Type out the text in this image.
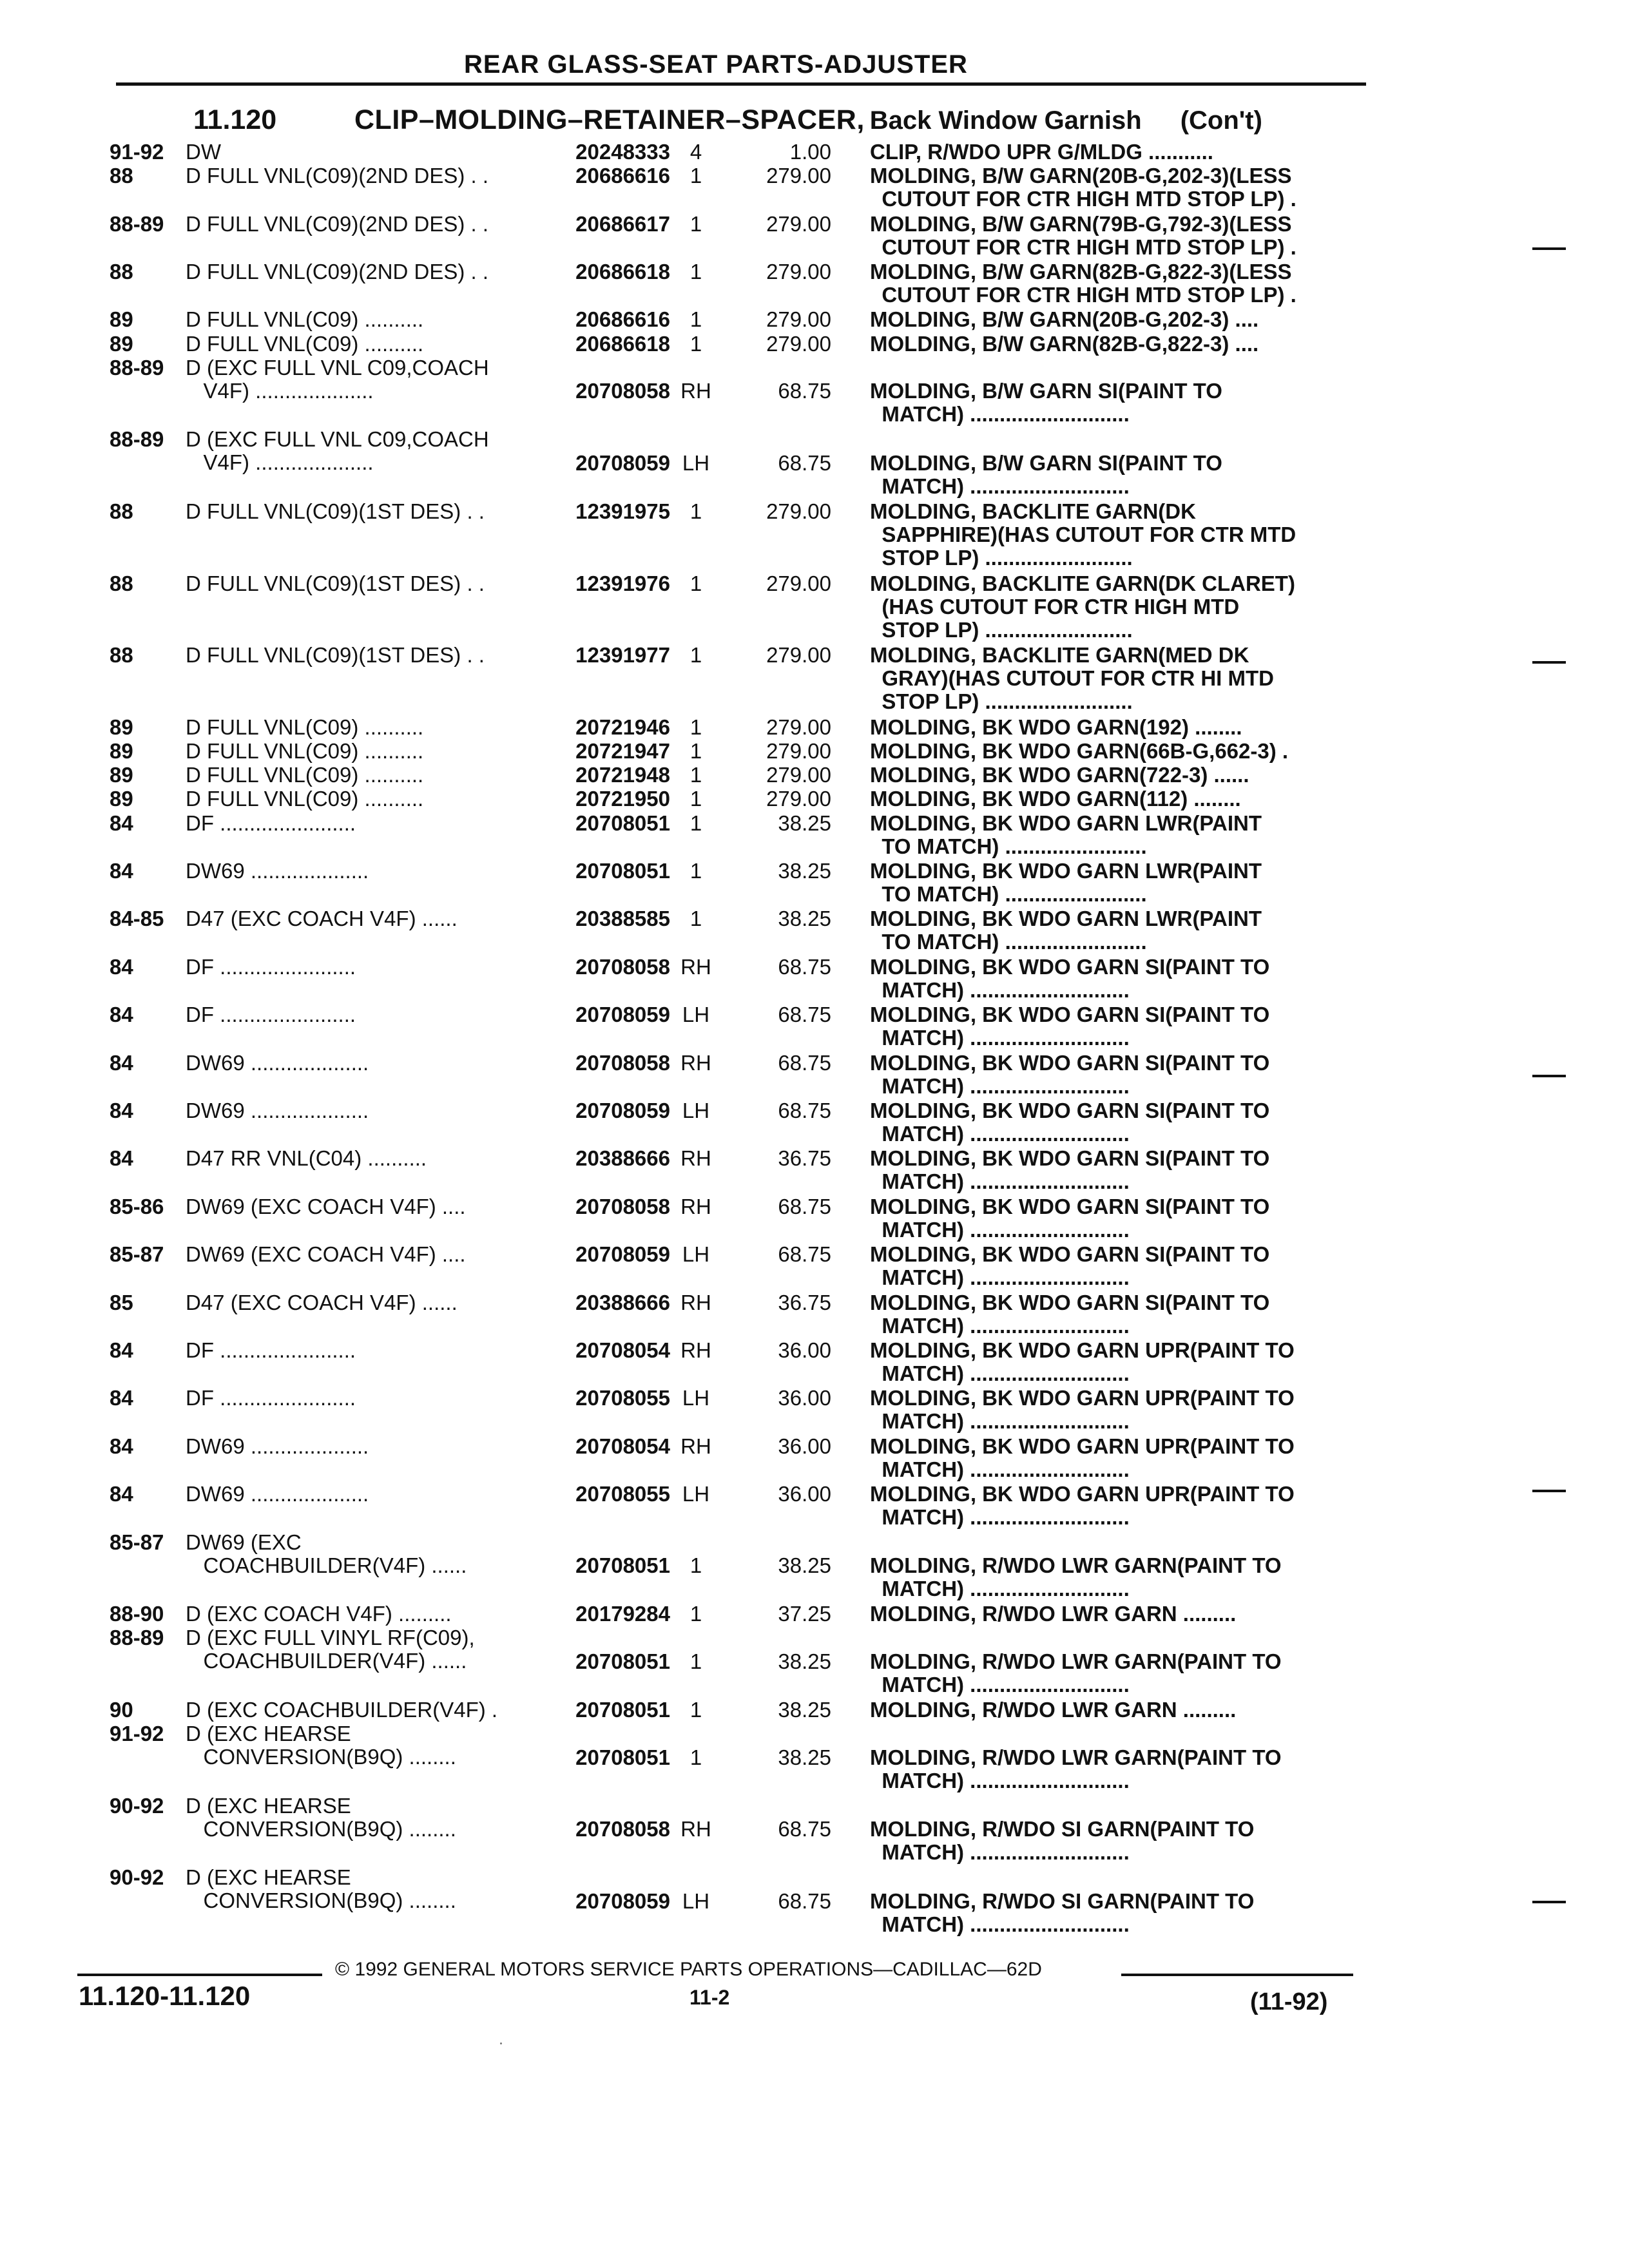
REAR GLASS-SEAT PARTS-ADJUSTER
11.120	CLIP–MOLDING–RETAINER–SPACER, Back Window Garnish (Con't)
91-92	DW	20248333 4	1.00 CLIP, R/WDO UPR G/MLDG ...........
88	D FULL VNL(C09)(2ND DES) . .	20686616 1	279.00 MOLDING, B/W GARN(20B-G,202-3)(LESS
CUTOUT FOR CTR HIGH MTD STOP LP) .
88-89	D FULL VNL(C09)(2ND DES) . .	20686617 1	279.00 MOLDING, B/W GARN(79B-G,792-3)(LESS
CUTOUT FOR CTR HIGH MTD STOP LP) .
88	D FULL VNL(C09)(2ND DES) . .	20686618 1	279.00 MOLDING, B/W GARN(82B-G,822-3)(LESS
CUTOUT FOR CTR HIGH MTD STOP LP) .
89	D FULL VNL(C09) ..........	20686616 1	279.00 MOLDING, B/W GARN(20B-G,202-3) ....
89	D FULL VNL(C09) ..........	20686618 1	279.00 MOLDING, B/W GARN(82B-G,822-3) ....
88-89	D (EXC FULL VNL C09,COACH
V4F) ....................	20708058 RH	68.75 MOLDING, B/W GARN SI(PAINT TO
MATCH) ...........................
88-89	D (EXC FULL VNL C09,COACH
V4F) ....................	20708059 LH	68.75 MOLDING, B/W GARN SI(PAINT TO
MATCH) ...........................
88	D FULL VNL(C09)(1ST DES) . .	12391975 1	279.00 MOLDING, BACKLITE GARN(DK
SAPPHIRE)(HAS CUTOUT FOR CTR MTD
STOP LP) .........................
88	D FULL VNL(C09)(1ST DES) . .	12391976 1	279.00 MOLDING, BACKLITE GARN(DK CLARET)
(HAS CUTOUT FOR CTR HIGH MTD
STOP LP) .........................
88	D FULL VNL(C09)(1ST DES) . .	12391977 1	279.00 MOLDING, BACKLITE GARN(MED DK
GRAY)(HAS CUTOUT FOR CTR HI MTD
STOP LP) .........................
89	D FULL VNL(C09) ..........	20721946 1	279.00 MOLDING, BK WDO GARN(192) ........
89	D FULL VNL(C09) ..........	20721947 1	279.00 MOLDING, BK WDO GARN(66B-G,662-3) .
89	D FULL VNL(C09) ..........	20721948 1	279.00 MOLDING, BK WDO GARN(722-3) ......
89	D FULL VNL(C09) ..........	20721950 1	279.00 MOLDING, BK WDO GARN(112) ........
84	DF .......................	20708051 1	38.25 MOLDING, BK WDO GARN LWR(PAINT
TO MATCH) ........................
84	DW69 ....................	20708051 1	38.25 MOLDING, BK WDO GARN LWR(PAINT
TO MATCH) ........................
84-85	D47 (EXC COACH V4F) ......	20388585 1	38.25 MOLDING, BK WDO GARN LWR(PAINT
TO MATCH) ........................
84	DF .......................	20708058 RH	68.75 MOLDING, BK WDO GARN SI(PAINT TO
MATCH) ...........................
84	DF .......................	20708059 LH	68.75 MOLDING, BK WDO GARN SI(PAINT TO
MATCH) ...........................
84	DW69 ....................	20708058 RH	68.75 MOLDING, BK WDO GARN SI(PAINT TO
MATCH) ...........................
84	DW69 ....................	20708059 LH	68.75 MOLDING, BK WDO GARN SI(PAINT TO
MATCH) ...........................
84	D47 RR VNL(C04) ..........	20388666 RH	36.75 MOLDING, BK WDO GARN SI(PAINT TO
MATCH) ...........................
85-86	DW69 (EXC COACH V4F) ....	20708058 RH	68.75 MOLDING, BK WDO GARN SI(PAINT TO
MATCH) ...........................
85-87	DW69 (EXC COACH V4F) ....	20708059 LH	68.75 MOLDING, BK WDO GARN SI(PAINT TO
MATCH) ...........................
85	D47 (EXC COACH V4F) ......	20388666 RH	36.75 MOLDING, BK WDO GARN SI(PAINT TO
MATCH) ...........................
84	DF .......................	20708054 RH	36.00 MOLDING, BK WDO GARN UPR(PAINT TO
MATCH) ...........................
84	DF .......................	20708055 LH	36.00 MOLDING, BK WDO GARN UPR(PAINT TO
MATCH) ...........................
84	DW69 ....................	20708054 RH	36.00 MOLDING, BK WDO GARN UPR(PAINT TO
MATCH) ...........................
84	DW69 ....................	20708055 LH	36.00 MOLDING, BK WDO GARN UPR(PAINT TO
MATCH) ...........................
85-87	DW69 (EXC
COACHBUILDER(V4F) ......	20708051 1	38.25 MOLDING, R/WDO LWR GARN(PAINT TO
MATCH) ...........................
88-90	D (EXC COACH V4F) .........	20179284 1	37.25 MOLDING, R/WDO LWR GARN .........
88-89	D (EXC FULL VINYL RF(C09),
COACHBUILDER(V4F) ......	20708051 1	38.25 MOLDING, R/WDO LWR GARN(PAINT TO
MATCH) ...........................
90	D (EXC COACHBUILDER(V4F) .	20708051 1	38.25 MOLDING, R/WDO LWR GARN .........
91-92	D (EXC HEARSE
CONVERSION(B9Q) ........	20708051 1	38.25 MOLDING, R/WDO LWR GARN(PAINT TO
MATCH) ...........................
90-92	D (EXC HEARSE
CONVERSION(B9Q) ........	20708058 RH	68.75 MOLDING, R/WDO SI GARN(PAINT TO
MATCH) ...........................
90-92	D (EXC HEARSE
CONVERSION(B9Q) ........	20708059 LH	68.75 MOLDING, R/WDO SI GARN(PAINT TO
MATCH) ...........................
© 1992 GENERAL MOTORS SERVICE PARTS OPERATIONS—CADILLAC—62D
11.120-11.120	11-2	(11-92)
